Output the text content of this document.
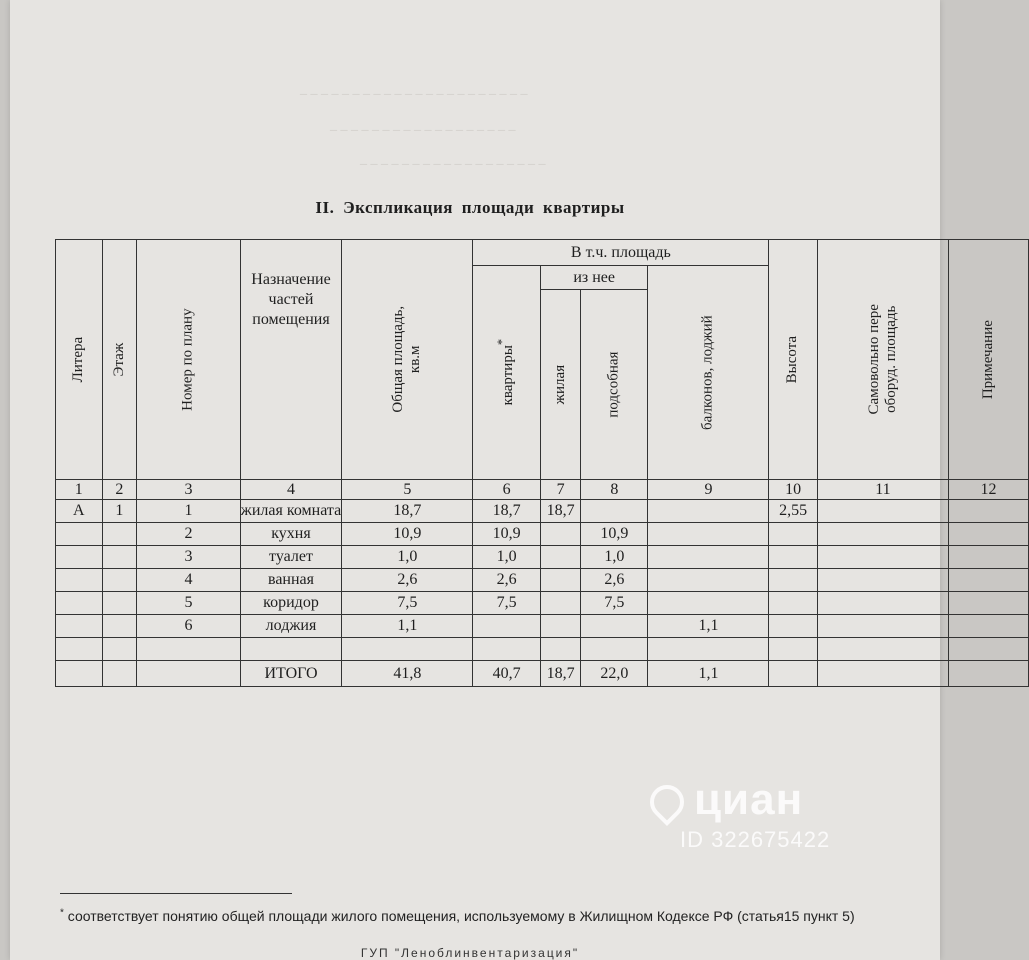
_ _ _ _ _ _ _ _ _ _ _ _ _ _ _ _ _ _ _ _ _ _
_ _ _ _ _ _ _ _ _ _ _ _ _ _ _ _ _ _
_ _ _ _ _ _ _ _ _ _ _ _ _ _ _ _ _ _
II. Экспликация площади квартиры
Литера	Этаж	Номер по плану	Назначение частей помещения	Общая площадь, кв.м	В т.ч. площадь				Высота	Самовольно пере оборуд. площадь	Примечание
					квартиры*	из нее		балконов, лоджий			
						жилая	подсобная				
1	2	3	4	5	6	7	8	9	10	11	12
А	1	1	жилая комната	18,7	18,7	18,7			2,55		
		2	кухня	10,9	10,9		10,9				
		3	туалет	1,0	1,0		1,0				
		4	ванная	2,6	2,6		2,6				
		5	коридор	7,5	7,5		7,5				
		6	лоджия	1,1				1,1			

			ИТОГО	41,8	40,7	18,7	22,0	1,1			
* соответствует понятию общей площади жилого помещения, используемому в Жилищном Кодексе РФ (статья15 пункт 5)
ГУП "Леноблинвентаризация"
циан
ID 322675422
